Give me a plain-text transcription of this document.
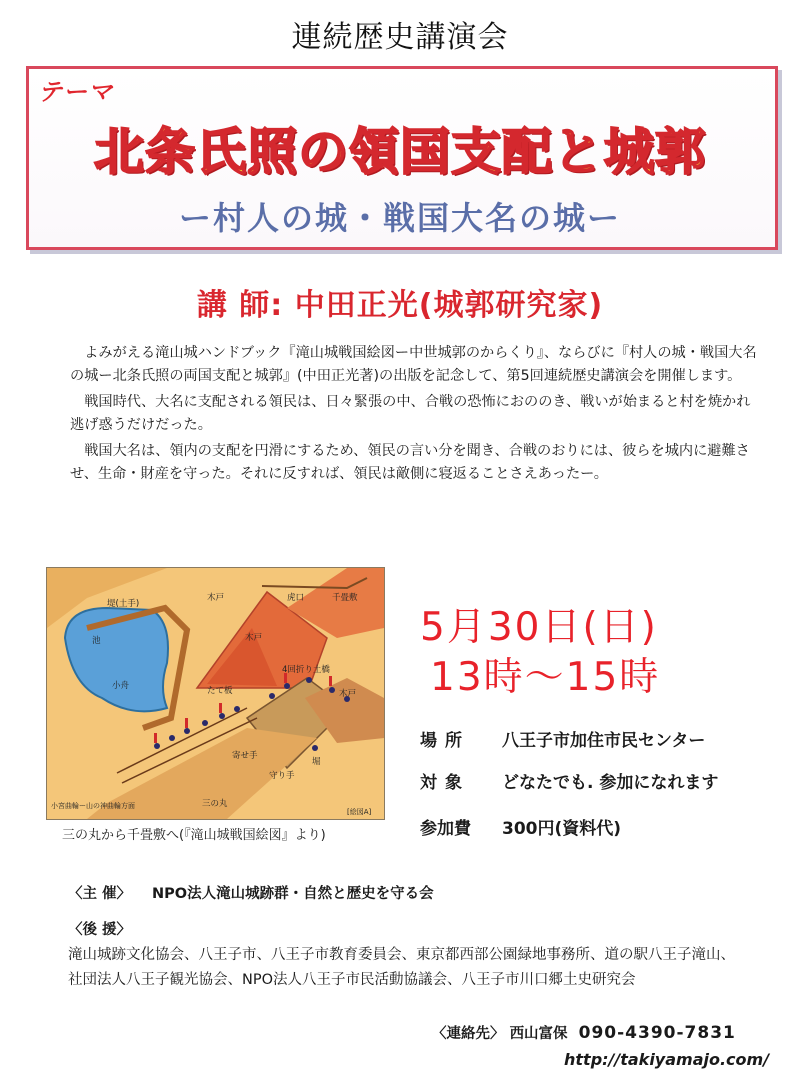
連続歴史講演会
テーマ
北条氏照の領国支配と城郭
ー村人の城・戦国大名の城ー
講 師: 中田正光(城郭研究家)

よみがえる滝山城ハンドブック『滝山城戦国絵図ー中世城郭のからくり』、ならびに『村人の城・戦国大名の城ー北条氏照の両国支配と城郭』(中田正光著)の出版を記念して、第5回連続歴史講演会を開催します。

戦国時代、大名に支配される領民は、日々緊張の中、合戦の恐怖におののき、戦いが始まると村を焼かれ逃げ惑うだけだった。

戦国大名は、領内の支配を円滑にするため、領民の言い分を聞き、合戦のおりには、彼らを城内に避難させ、生命・財産を守った。それに反すれば、領民は敵側に寝返ることさえあったー。

堤(土手)
池
小舟
木戸
木戸
木戸
虎口	千畳敷
4回折り土橋
たて板
寄せ手
守り手
堀
三の丸
小宮曲輪ー山の神曲輪方面
[絵図A]
三の丸から千畳敷へ(『滝山城戦国絵図』より)
5月30日(日)
13時〜15時
場所 八王子市加住市民センター
対象 どなたでも. 参加になれます
参加費 300円(資料代)
〈主 催〉 NPO法人滝山城跡群・自然と歴史を守る会
〈後 援〉滝山城跡文化協会、八王子市、八王子市教育委員会、東京都西部公園緑地事務所、道の駅八王子滝山、社団法人八王子観光協会、NPO法人八王子市民活動協議会、八王子市川口郷土史研究会
〈連絡先〉 西山富保 090-4390-7831
http://takiyamajo.com/
